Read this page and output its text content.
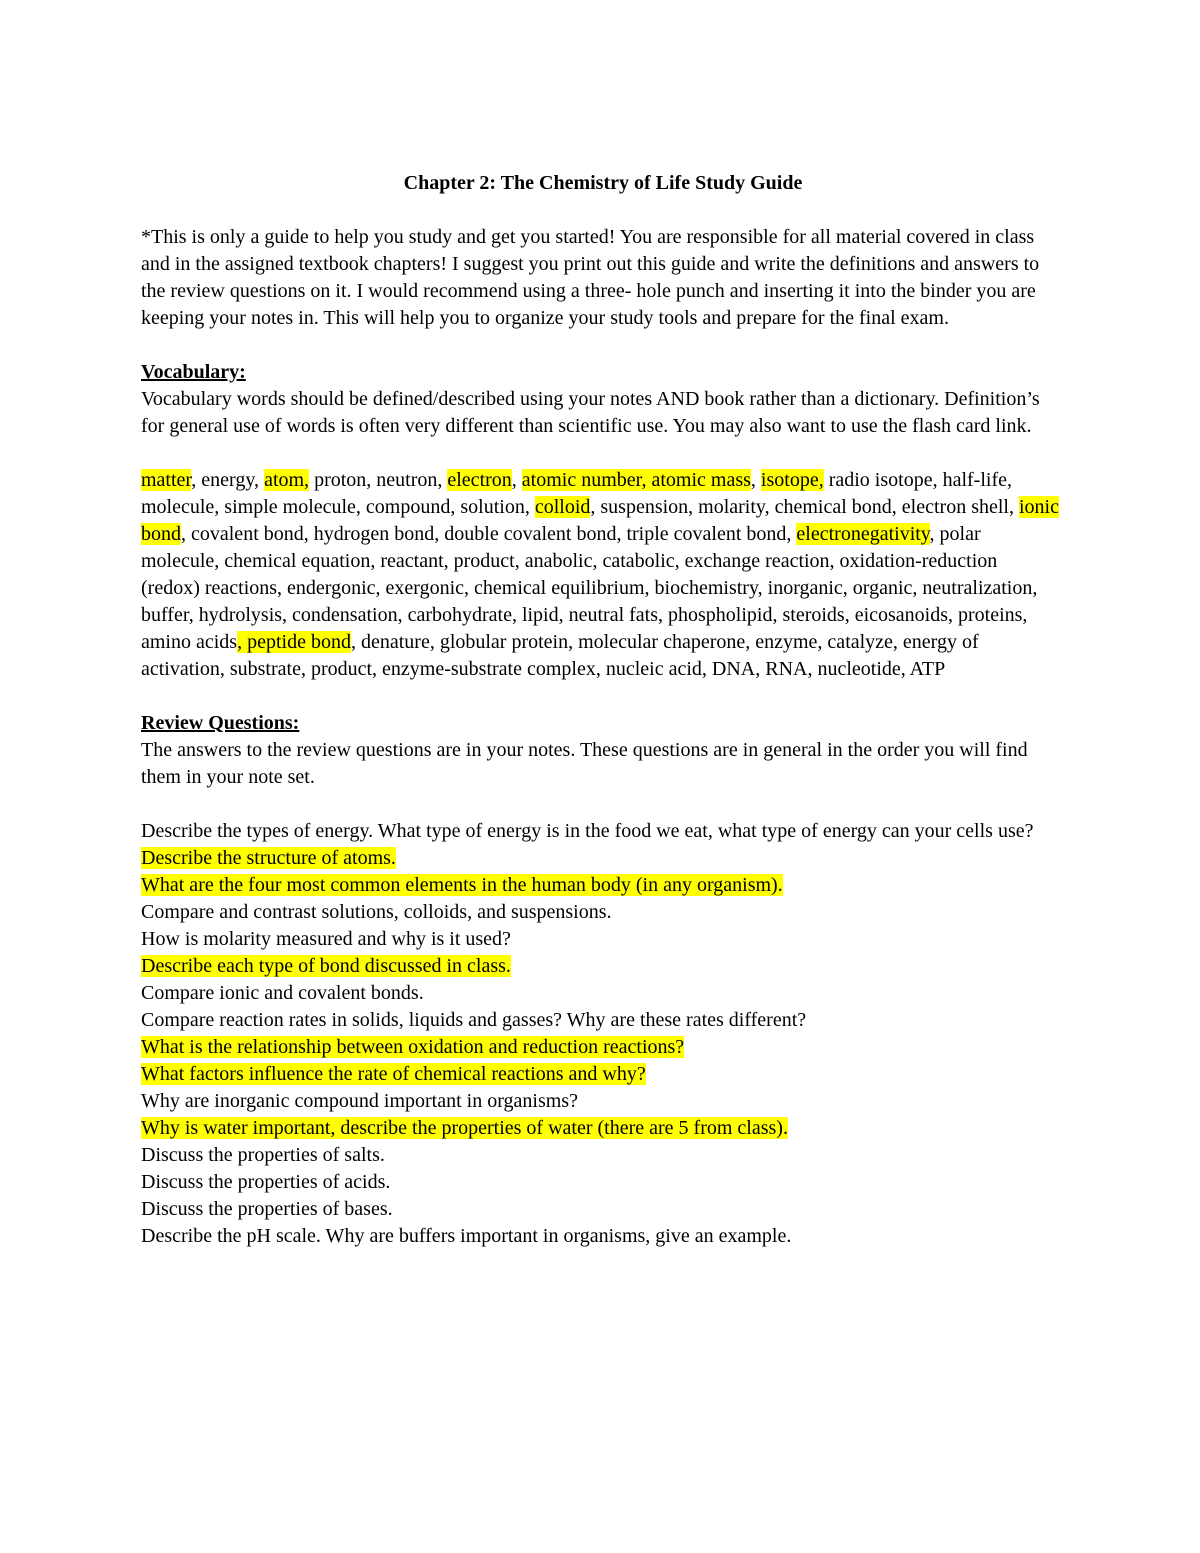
Chapter 2: The Chemistry of Life Study Guide

*This is only a guide to help you study and get you started! You are responsible for all material covered in class and in the assigned textbook chapters! I suggest you print out this guide and write the definitions and answers to the review questions on it. I would recommend using a three- hole punch and inserting it into the binder you are keeping your notes in. This will help you to organize your study tools and prepare for the final exam.

Vocabulary:

Vocabulary words should be defined/described using your notes AND book rather than a dictionary. Definition’s for general use of words is often very different than scientific use. You may also want to use the flash card link.

matter, energy, atom, proton, neutron, electron, atomic number, atomic mass, isotope, radio isotope, half-life, molecule, simple molecule, compound, solution, colloid, suspension, molarity, chemical bond, electron shell, ionic bond, covalent bond, hydrogen bond, double covalent bond, triple covalent bond, electronegativity, polar molecule, chemical equation, reactant, product, anabolic, catabolic, exchange reaction, oxidation-reduction (redox) reactions, endergonic, exergonic, chemical equilibrium, biochemistry, inorganic, organic, neutralization, buffer, hydrolysis, condensation, carbohydrate, lipid, neutral fats, phospholipid, steroids, eicosanoids, proteins, amino acids, peptide bond, denature, globular protein, molecular chaperone, enzyme, catalyze, energy of activation, substrate, product, enzyme-substrate complex, nucleic acid, DNA, RNA, nucleotide, ATP

Review Questions:

The answers to the review questions are in your notes. These questions are in general in the order you will find them in your note set.

Describe the types of energy. What type of energy is in the food we eat, what type of energy can your cells use?

Describe the structure of atoms.

What are the four most common elements in the human body (in any organism).

Compare and contrast solutions, colloids, and suspensions.

How is molarity measured and why is it used?

Describe each type of bond discussed in class.

Compare ionic and covalent bonds.

Compare reaction rates in solids, liquids and gasses? Why are these rates different?

What is the relationship between oxidation and reduction reactions?

What factors influence the rate of chemical reactions and why?

Why are inorganic compound important in organisms?

Why is water important, describe the properties of water (there are 5 from class).

Discuss the properties of salts.

Discuss the properties of acids.

Discuss the properties of bases.

Describe the pH scale. Why are buffers important in organisms, give an example.
